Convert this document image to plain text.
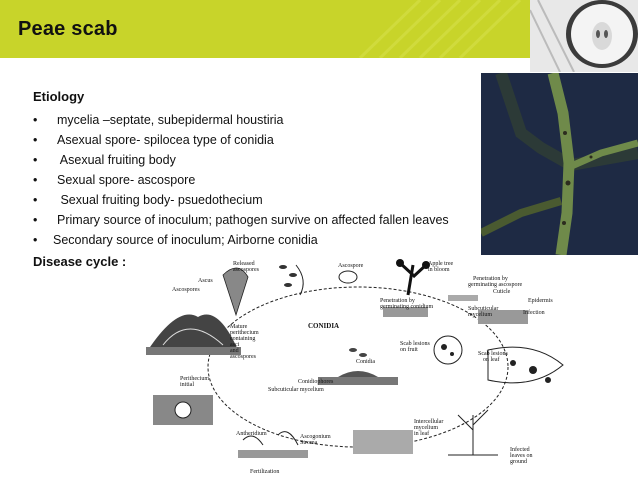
Peae scab
Etiology
• mycelia –septate, subepidermal houstiria
• Asexual spore- spilocea type of conidia
• Asexual fruiting body
• Sexual spore- ascospore
• Sexual fruiting body- psuedothecium
• Primary source of inoculum; pathogen survive on affected fallen leaves
• Secondary source of inoculum; Airborne conidia
Disease cycle :	Released
ascospores
Ascus
Ascospores
Ascospore	Apple tree
in bloom
Penetration by
germinating ascospore
Cuticle
Epidermis
Penetration by
germinating conidium	Subcuticular
mycelium	Infection
CONIDIA
Mature
perithecium
containing
asci
and
ascospores
Scab lesions
on fruit
Scab lesions
on leaf
Conidia
Conidiophores
Subcuticular mycelium
Perithecium
initial
Intercellular
mycelium
in leaf
Infected
leaves on
ground
Antheridium	Ascogonium
Stroma
Fertilization
